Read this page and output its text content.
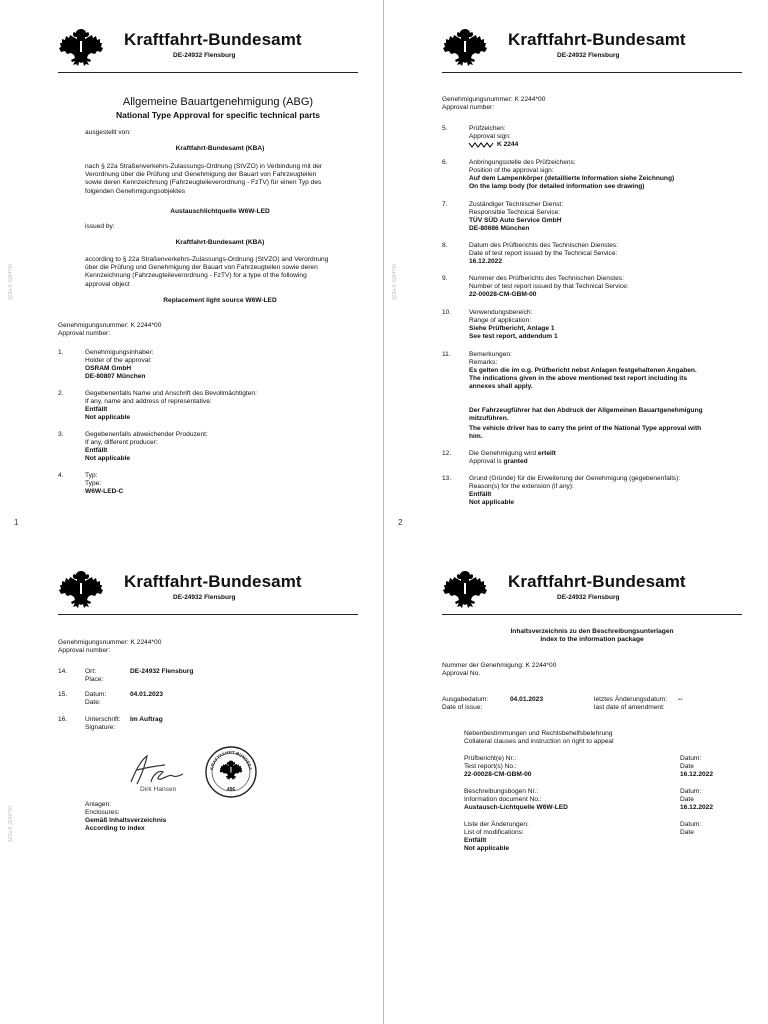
Kraftfahrt-Bundesamt
DE-24932 Flensburg
Allgemeine Bauartgenehmigung (ABG)
National Type Approval for specific technical parts
ausgestellt von:
Kraftfahrt-Bundesamt (KBA)
nach § 22a Straßenverkehrs-Zulassungs-Ordnung (StVZO) in Verbindung mit der
Verordnung über die Prüfung und Genehmigung der Bauart von Fahrzeugteilen
sowie deren Kennzeichnung (Fahrzeugteileverordnung - FzTV) für einen Typ des
folgenden Genehmigungsobjektes
Austauschlichtquelle W6W-LED
issued by:
Kraftfahrt-Bundesamt (KBA)
according to § 22a Straßenverkehrs-Zulassungs-Ordnung (StVZO) and Verordnung
über die Prüfung und Genehmigung der Bauart von Fahrzeugteilen sowie deren
Kennzeichnung (Fahrzeugteileverordnung - FzTV) for a type of the following
approval object
Replacement light source W6W-LED
Genehmigungsnummer: K 2244*00
Approval number:
1.	Genehmigungsinhaber:
Holder of the approval:
OSRAM GmbH
DE-80807 München
2.	Gegebenenfalls Name und Anschrift des Bevollmächtigten:
If any, name and address of representative:
Entfällt
Not applicable
3.	Gegebenenfalls abweichender Produzent:
If any, different producer:
Entfällt
Not applicable
4.	Typ:
Type:
W6W-LED-C
§22a K 2244*00
1
Kraftfahrt-Bundesamt
DE-24932 Flensburg
Genehmigungsnummer: K 2244*00
Approval number:
5.	Prüfzeichen:
Approval sign:
K 2244
6.	Anbringungsstelle des Prüfzeichens:
Position of the approval sign:
Auf dem Lampenkörper (detaillierte Information siehe Zeichnung)
On the lamp body (for detailed information see drawing)
7.	Zuständiger Technischer Dienst:
Responsible Technical Service:
TÜV SÜD Auto Service GmbH
DE-80686 München
8.	Datum des Prüfberichts des Technischen Dienstes:
Date of test report issued by the Technical Service:
16.12.2022
9.	Nummer des Prüfberichts des Technischen Dienstes:
Number of test report issued by that Technical Service:
22-00028-CM-GBM-00
10.	Verwendungsbereich:
Range of application:
Siehe Prüfbericht, Anlage 1
See test report, addendum 1
11.	Bemerkungen:
Remarks:
Es gelten die im o.g. Prüfbericht nebst Anlagen festgehaltenen Angaben.
The indications given in the above mentioned test report including its
annexes shall apply.
Der Fahrzeugführer hat den Abdruck der Allgemeinen Bauartgenehmigung
mitzuführen.
The vehicle driver has to carry the print of the National Type approval with
him.
12.	Die Genehmigung wird erteilt
Approval is granted
13.	Grund (Gründe) für die Erweiterung der Genehmigung (gegebenenfalls):
Reason(s) for the extension (if any):
Entfällt
Not applicable
§22a K 2244*00
2
Kraftfahrt-Bundesamt
DE-24932 Flensburg
Genehmigungsnummer: K 2244*00
Approval number:
14.	Ort:
Place:
DE-24932 Flensburg
15.	Datum:
Date:
04.01.2023
16.	Unterschrift:
Signature:
Im Auftrag
Dirk Hansen
KRAFTFAHRT-BUNDESA
496
Anlagen:
Enclosures:
Gemäß Inhaltsverzeichnis
According to index
§22a K 2244*00
Kraftfahrt-Bundesamt
DE-24932 Flensburg
Inhaltsverzeichnis zu den Beschreibungsunterlagen
Index to the information package
Nummer der Genehmigung: K 2244*00
Approval No.
Ausgabedatum:
Date of issue:
04.01.2023	letztes Änderungsdatum:
last date of amendment:
--
Nebenbestimmungen und Rechtsbehelfsbelehrung
Collateral clauses and instruction on right to appeal
Prüfbericht(e) Nr.:
Test report(s) No.:
22-00028-CM-GBM-00
Datum:
Date
16.12.2022
Beschreibungsbogen Nr.:
Information document No.:
Austausch-Lichtquelle W6W-LED
Datum:
Date
16.12.2022
Liste der Änderungen:
List of modifications:
Entfällt
Not applicable
Datum:
Date
